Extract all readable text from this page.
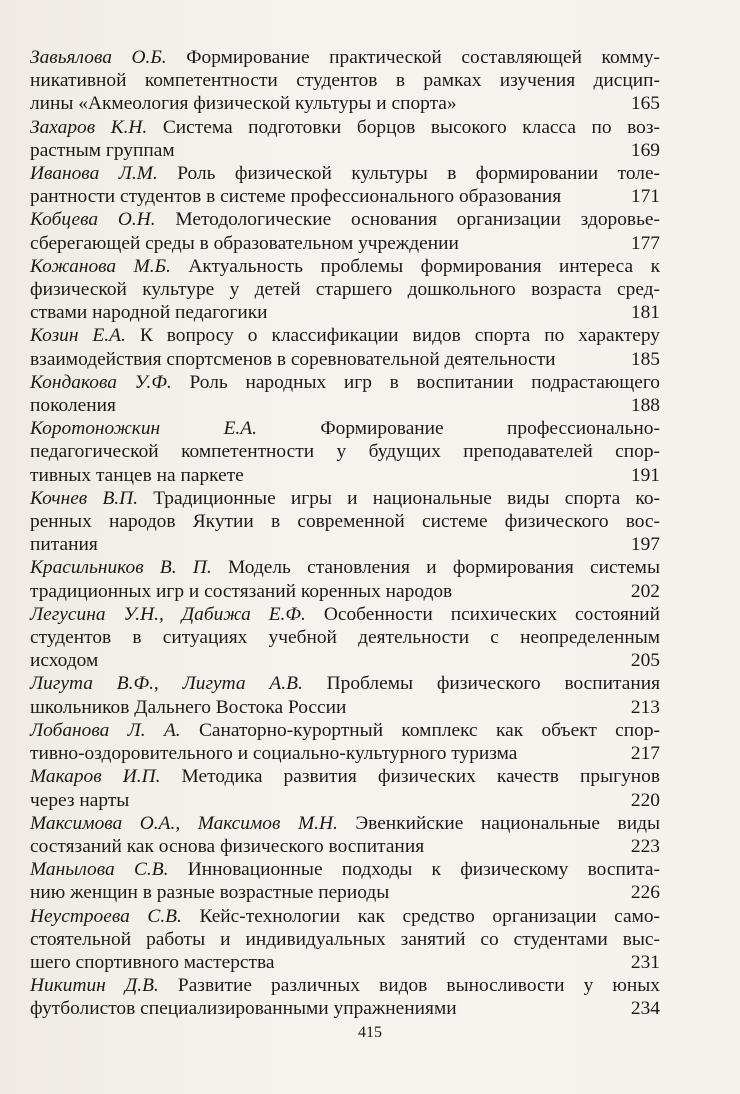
Завьялова О.Б. Формирование практической составляющей комму-
никативной компетентности студентов в рамках изучения дисцип-
лины «Акмеология физической культуры и спорта»	165
Захаров К.Н. Система подготовки борцов высокого класса по воз-
растным группам	169
Иванова Л.М. Роль физической культуры в формировании толе-
рантности студентов в системе профессионального образования	171
Кобцева О.Н. Методологические основания организации здоровье-
сберегающей среды в образовательном учреждении	177
Кожанова М.Б. Актуальность проблемы формирования интереса к
физической культуре у детей старшего дошкольного возраста сред-
ствами народной педагогики	181
Козин Е.А. К вопросу о классификации видов спорта по характеру
взаимодействия спортсменов в соревновательной деятельности	185
Кондакова У.Ф. Роль народных игр в воспитании подрастающего
поколения	188
Коротоножкин Е.А.	Формирование профессионально-
педагогической компетентности у будущих преподавателей спор-
тивных танцев на паркете	191
Кочнев В.П. Традиционные игры и национальные виды спорта ко-
ренных народов Якутии в современной системе физического вос-
питания	197
Красильников В. П. Модель становления и формирования системы
традиционных игр и состязаний коренных народов	202
Легусина У.Н., Дабижа Е.Ф. Особенности психических состояний
студентов в ситуациях учебной деятельности с неопределенным
исходом	205
Лигута В.Ф., Лигута А.В. Проблемы физического воспитания
школьников Дальнего Востока России	213
Лобанова Л. А. Санаторно-курортный комплекс как объект спор-
тивно-оздоровительного и социально-культурного туризма	217
Макаров И.П. Методика развития физических качеств прыгунов
через нарты	220
Максимова О.А., Максимов М.Н. Эвенкийские национальные виды
состязаний как основа физического воспитания	223
Манылова С.В. Инновационные подходы к физическому воспита-
нию женщин в разные возрастные периоды	226
Неустроева С.В. Кейс-технологии как средство организации само-
стоятельной работы и индивидуальных занятий со студентами выс-
шего спортивного мастерства	231
Никитин Д.В. Развитие различных видов выносливости у юных
футболистов специализированными упражнениями	234
415
